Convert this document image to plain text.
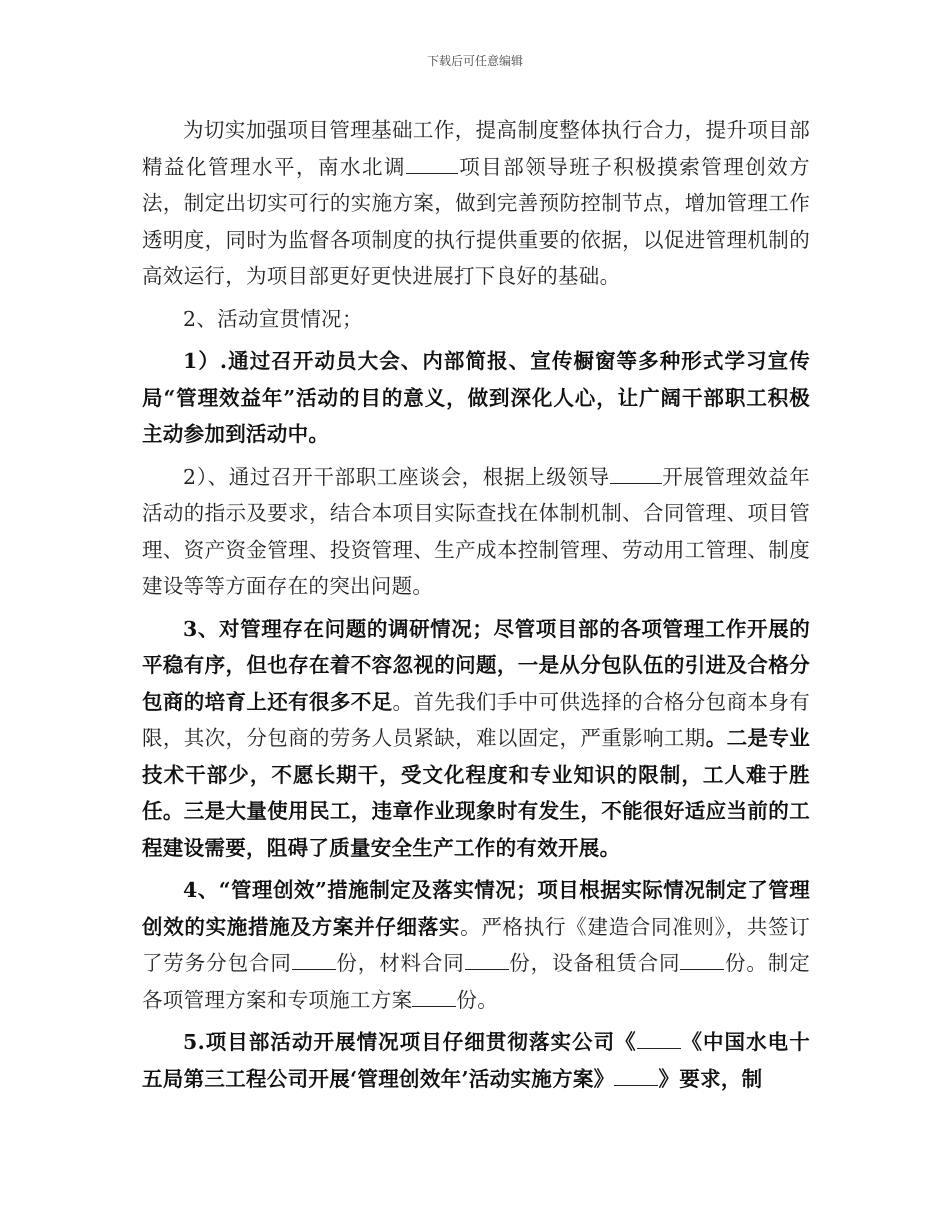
下载后可任意编辑

为切实加强项目管理基础工作，提高制度整体执行合力，提升项目部精益化管理水平，南水北调	项目部领导班子积极摸索管理创效方法，制定出切实可行的实施方案，做到完善预防控制节点，增加管理工作透明度，同时为监督各项制度的执行提供重要的依据，以促进管理机制的高效运行，为项目部更好更快进展打下良好的基础。

2、活动宣贯情况；

1）.通过召开动员大会、内部简报、宣传橱窗等多种形式学习宣传局“管理效益年”活动的目的意义，做到深化人心，让广阔干部职工积极主动参加到活动中。

2）、通过召开干部职工座谈会，根据上级领导	开展管理效益年活动的指示及要求，结合本项目实际查找在体制机制、合同管理、项目管理、资产资金管理、投资管理、生产成本控制管理、劳动用工管理、制度建设等等方面存在的突出问题。

3、对管理存在问题的调研情况；尽管项目部的各项管理工作开展的平稳有序，但也存在着不容忽视的问题，一是从分包队伍的引进及合格分包商的培育上还有很多不足。首先我们手中可供选择的合格分包商本身有限，其次，分包商的劳务人员紧缺，难以固定，严重影响工期。二是专业技术干部少，不愿长期干，受文化程度和专业知识的限制，工人难于胜任。三是大量使用民工，违章作业现象时有发生，不能很好适应当前的工程建设需要，阻碍了质量安全生产工作的有效开展。

4、“管理创效”措施制定及落实情况；项目根据实际情况制定了管理创效的实施措施及方案并仔细落实。严格执行《建造合同准则》，共签订了劳务分包合同 份，材料合同 份，设备租赁合同 份。制定各项管理方案和专项施工方案 份。

5.项目部活动开展情况项目仔细贯彻落实公司《 《中国水电十五局第三工程公司开展‘管理创效年’活动实施方案》 》要求，制
